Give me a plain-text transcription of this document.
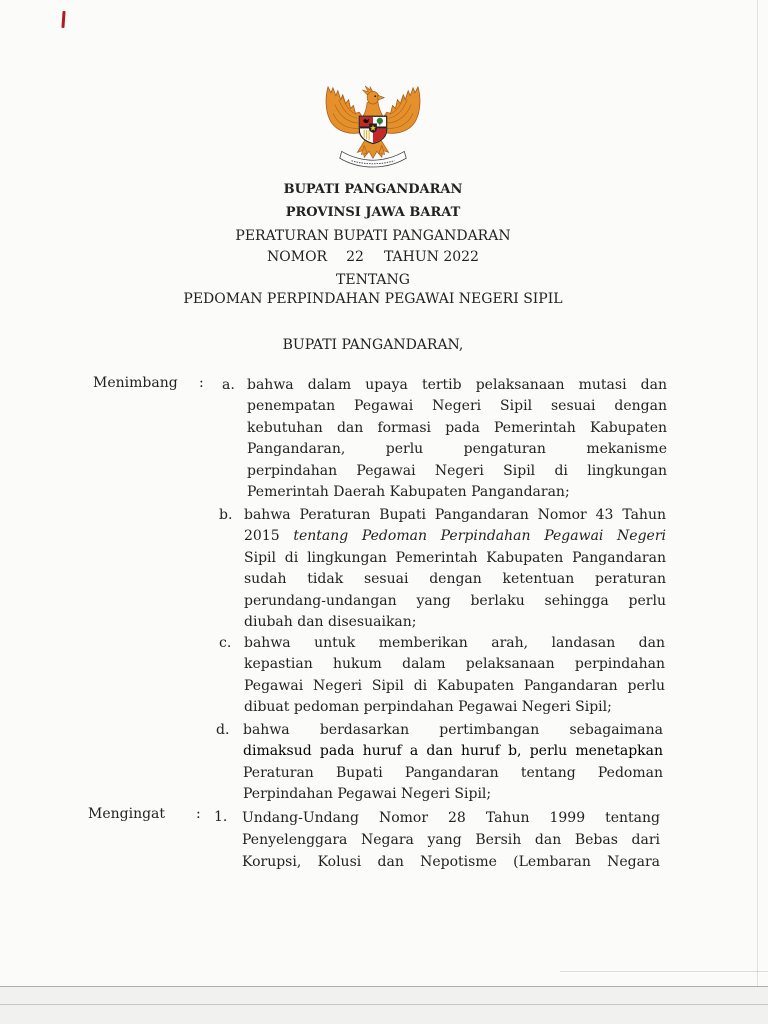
BUPATI PANGANDARAN
PROVINSI JAWA BARAT
PERATURAN BUPATI PANGANDARAN
NOMOR 22 TAHUN 2022
TENTANG
PEDOMAN PERPINDAHAN PEGAWAI NEGERI SIPIL
BUPATI PANGANDARAN,
Menimbang : a. bahwa dalam upaya tertib pelaksanaan mutasi dan
penempatan Pegawai Negeri Sipil sesuai dengan
kebutuhan dan formasi pada Pemerintah Kabupaten
Pangandaran, perlu pengaturan mekanisme
perpindahan Pegawai Negeri Sipil di lingkungan
Pemerintah Daerah Kabupaten Pangandaran;
b. bahwa Peraturan Bupati Pangandaran Nomor 43 Tahun
2015 tentang Pedoman Perpindahan Pegawai Negeri
Sipil di lingkungan Pemerintah Kabupaten Pangandaran
sudah tidak sesuai dengan ketentuan peraturan
perundang-undangan yang berlaku sehingga perlu
diubah dan disesuaikan;
c. bahwa untuk memberikan arah, landasan dan
kepastian hukum dalam pelaksanaan perpindahan
Pegawai Negeri Sipil di Kabupaten Pangandaran perlu
dibuat pedoman perpindahan Pegawai Negeri Sipil;
d. bahwa berdasarkan pertimbangan sebagaimana
dimaksud pada huruf a dan huruf b, perlu menetapkan
Peraturan Bupati Pangandaran tentang Pedoman
Perpindahan Pegawai Negeri Sipil;
Mengingat : 1. Undang-Undang Nomor 28 Tahun 1999 tentang
Penyelenggara Negara yang Bersih dan Bebas dari
Korupsi, Kolusi dan Nepotisme (Lembaran Negara
